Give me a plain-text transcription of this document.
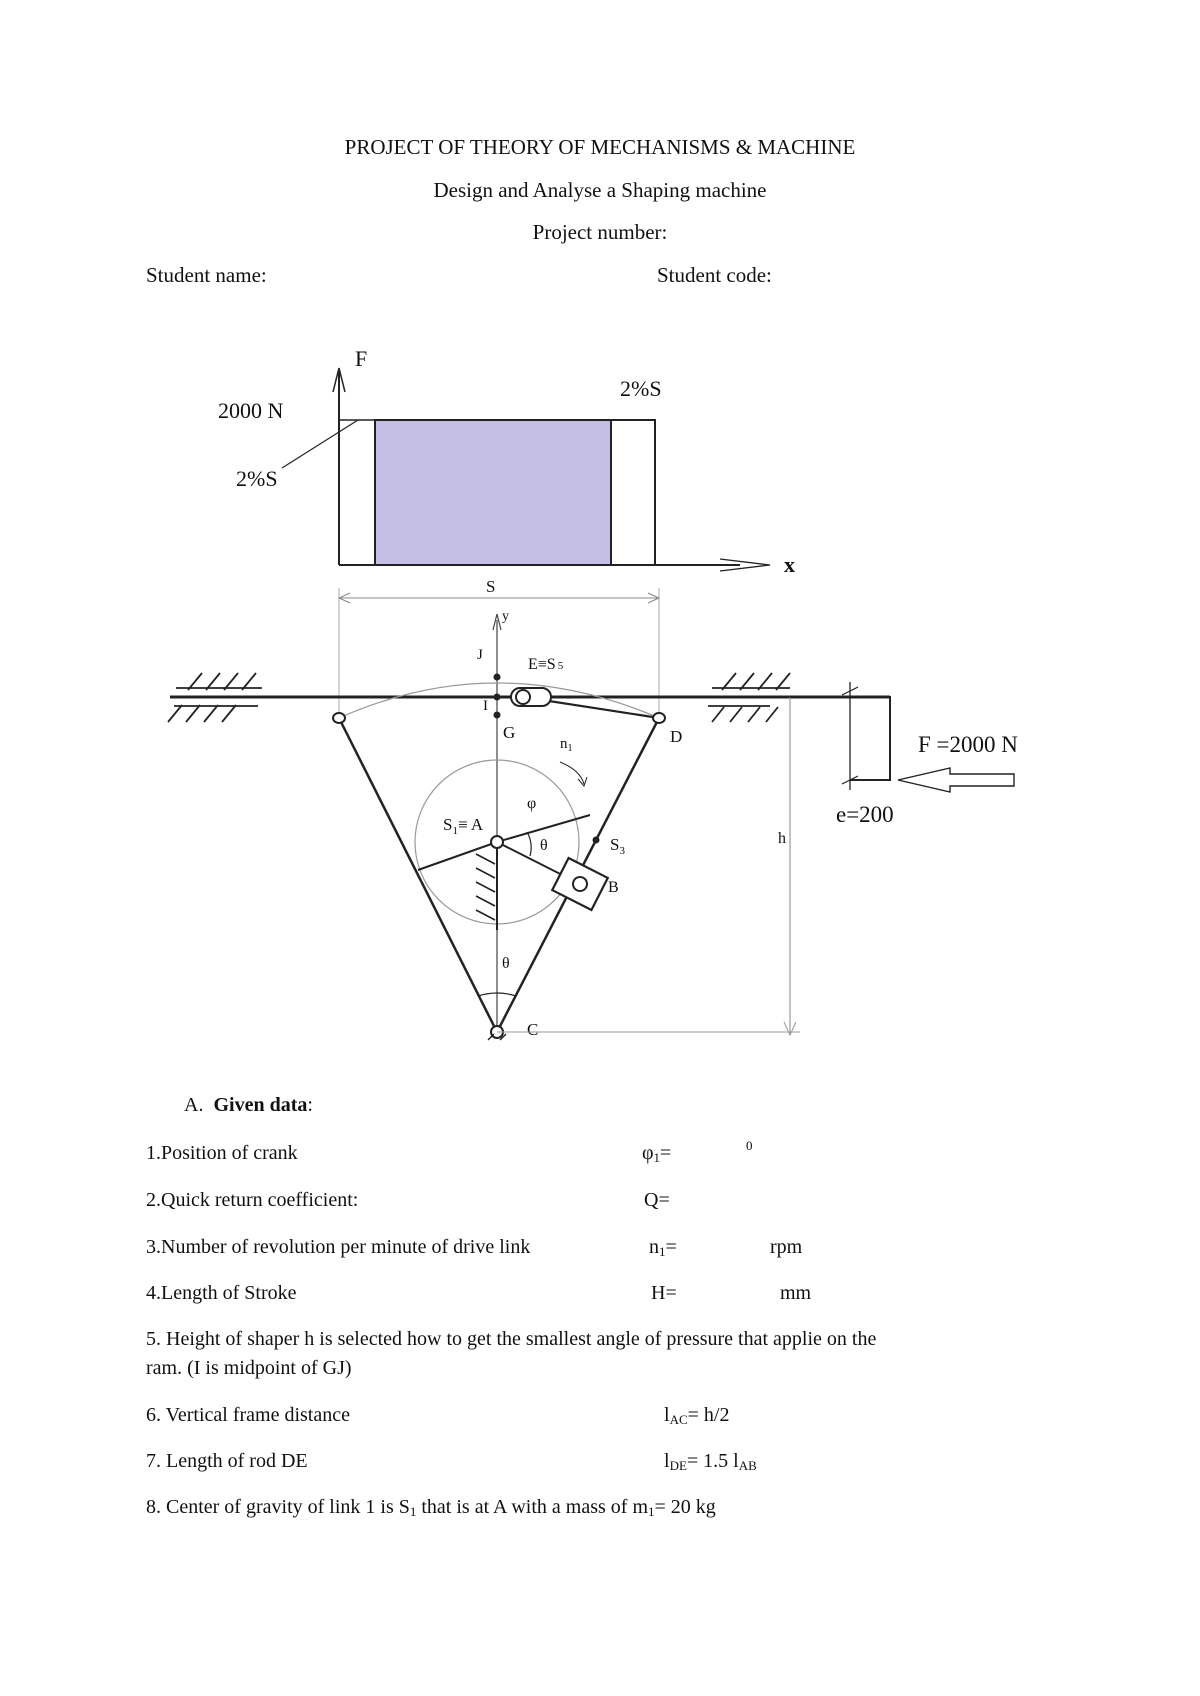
PROJECT OF THEORY OF MECHANISMS & MACHINE
Design and Analyse a Shaping machine
Project number:
Student name:	Student code:
F
2000 N
2%S
2%S
x
S
y
J
I
G
θ
φ
θ
B
$S_3$
E≡S 5
D
$n_1$
$S_1\equiv A$
C
h
F =2000 N
e=200
A. Given data:
1.Position of crank	$\varphi_1=$	0
2.Quick return coefficient:	Q=
3.Number of revolution per minute of drive link	$n_1=$	rpm
4.Length of Stroke	H=	mm
5. Height of shaper h is selected how to get the smallest angle of pressure that applie on the
ram. (I is midpoint of GJ)
6. Vertical frame distance	$l_{AC}= h/2$
7. Length of rod DE	$l_{DE}= 1.5$ $l_{AB}$
8. Center of gravity of link 1 is $S_1$ that is at A with a mass of $m_1= 20$ kg
